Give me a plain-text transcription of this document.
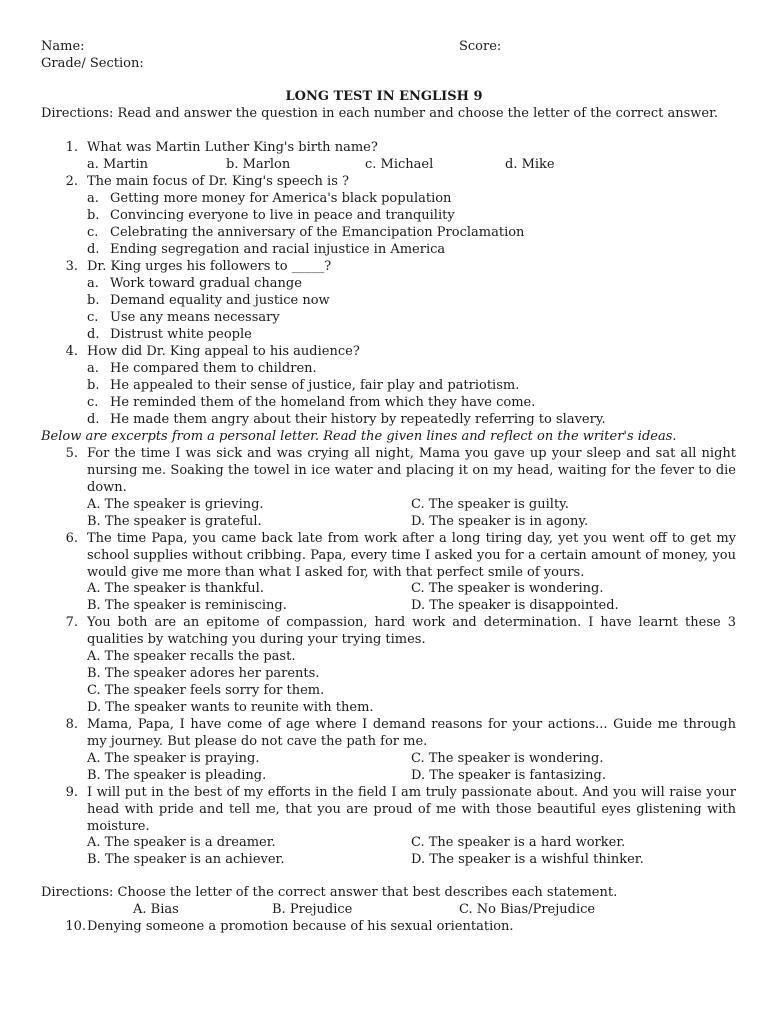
Name:	Score:
Grade/ Section:
LONG TEST IN ENGLISH 9
Directions: Read and answer the question in each number and choose the letter of the correct answer.
1. What was Martin Luther King's birth name?
a. Martin	b. Marlon	c. Michael	d. Mike
2. The main focus of Dr. King's speech is ?
a. Getting more money for America's black population
b. Convincing everyone to live in peace and tranquility
c. Celebrating the anniversary of the Emancipation Proclamation
d. Ending segregation and racial injustice in America
3. Dr. King urges his followers to _____?
a. Work toward gradual change
b. Demand equality and justice now
c. Use any means necessary
d. Distrust white people
4. How did Dr. King appeal to his audience?
a. He compared them to children.
b. He appealed to their sense of justice, fair play and patriotism.
c. He reminded them of the homeland from which they have come.
d. He made them angry about their history by repeatedly referring to slavery.
Below are excerpts from a personal letter. Read the given lines and reflect on the writer's ideas.
5. For the time I was sick and was crying all night, Mama you gave up your sleep and sat all night nursing me. Soaking the towel in ice water and placing it on my head, waiting for the fever to die down.
A. The speaker is grieving.	C. The speaker is guilty.
B. The speaker is grateful.	D. The speaker is in agony.
6. The time Papa, you came back late from work after a long tiring day, yet you went off to get my school supplies without cribbing. Papa, every time I asked you for a certain amount of money, you would give me more than what I asked for, with that perfect smile of yours.
A. The speaker is thankful.	C. The speaker is wondering.
B. The speaker is reminiscing.	D. The speaker is disappointed.
7. You both are an epitome of compassion, hard work and determination. I have learnt these 3 qualities by watching you during your trying times.
A. The speaker recalls the past.
B. The speaker adores her parents.
C. The speaker feels sorry for them.
D. The speaker wants to reunite with them.
8. Mama, Papa, I have come of age where I demand reasons for your actions... Guide me through my journey. But please do not cave the path for me.
A. The speaker is praying.	C. The speaker is wondering.
B. The speaker is pleading.	D. The speaker is fantasizing.
9. I will put in the best of my efforts in the field I am truly passionate about. And you will raise your head with pride and tell me, that you are proud of me with those beautiful eyes glistening with moisture.
A. The speaker is a dreamer.	C. The speaker is a hard worker.
B. The speaker is an achiever.	D. The speaker is a wishful thinker.
Directions: Choose the letter of the correct answer that best describes each statement.
A. Bias	B. Prejudice	C. No Bias/Prejudice
10. Denying someone a promotion because of his sexual orientation.
